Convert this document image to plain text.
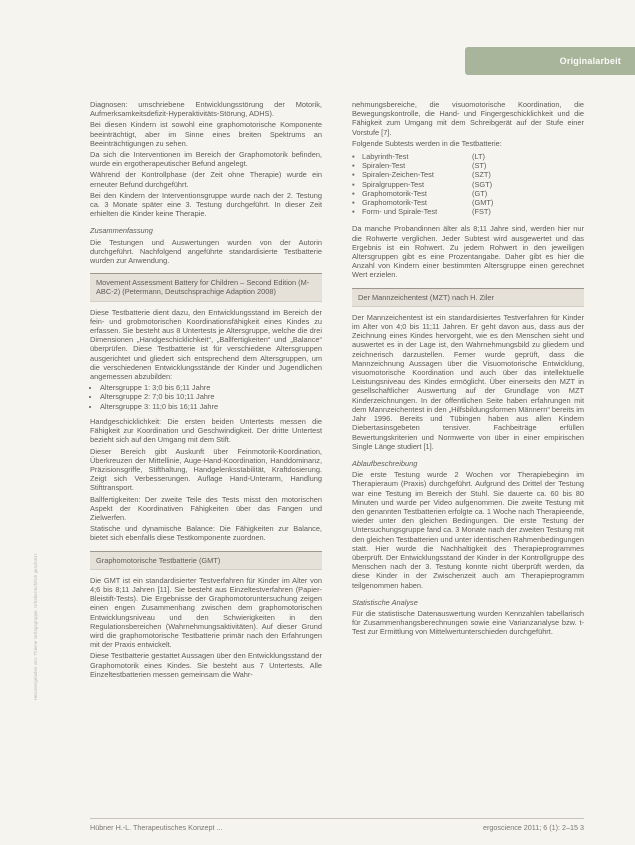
Originalarbeit
Heruntergeladen von: Thieme Verlagsgruppe. Urheberrechtlich geschützt.

Diagnosen: umschriebene Entwicklungsstörung der Motorik, Aufmerksamkeitsdefizit-Hyperaktivitäts-Störung, ADHS).

Bei diesen Kindern ist sowohl eine graphomotorische Komponente beeinträchtigt, aber im Sinne eines breiten Spektrums an Beeinträchtigungen zu sehen.

Da sich die Interventionen im Bereich der Graphomotorik befinden, wurde ein ergotherapeutischer Befund angelegt.

Während der Kontrollphase (der Zeit ohne Therapie) wurde ein erneuter Befund durchgeführt.

Bei den Kindern der Interventionsgruppe wurde nach der 2. Testung ca. 3 Monate später eine 3. Testung durchgeführt. In dieser Zeit erhielten die Kinder keine Therapie.

Zusammenfassung

Die Testungen und Auswertungen wurden von der Autorin durchgeführt. Nachfolgend angeführte standardisierte Testbatterie wurden zur Anwendung.

Movement Assessment Battery for Children – Second Edition (M-ABC-2) (Petermann, Deutschsprachige Adaption 2008)

Diese Testbatterie dient dazu, den Entwicklungsstand im Bereich der fein- und grobmotorischen Koordinationsfähigkeit eines Kindes zu erfassen. Sie besteht aus 8 Untertests je Altersgruppe, welche die drei Dimensionen „Handgeschicklichkeit“, „Ballfertigkeiten“ und „Balance“ überprüfen. Diese Testbatterie ist für verschiedene Altersgruppen ausgerichtet und gliedert sich entsprechend dem Altersgruppen, um die verschiedenen Entwicklungsstände der Kinder und Jugendlichen angemessen abzubilden:

• Altersgruppe 1: 3;0 bis 6;11 Jahre
• Altersgruppe 2: 7;0 bis 10;11 Jahre
• Altersgruppe 3: 11;0 bis 16;11 Jahre

Handgeschicklichkeit: Die ersten beiden Untertests messen die Fähigkeit zur Koordination und Geschwindigkeit. Der dritte Untertest bezieht sich auf den Umgang mit dem Stift.

Dieser Bereich gibt Auskunft über Feinmotorik-Koordination, Überkreuzen der Mittellinie, Auge-Hand-Koordination, Handdominanz, Präzisionsgriffe, Stifthaltung, Handgelenksstabilität, Kraftdosierung. Zeigt sich Verbesserungen. Auflage Hand-Unterarm, Handlung Stifttransport.

Ballfertigkeiten: Der zweite Teile des Tests misst den motorischen Aspekt der Koordinativen Fähigkeiten über das Fangen und Zielwerfen.

Statische und dynamische Balance: Die Fähigkeiten zur Balance, bietet sich ebenfalls diese Testkomponente zuordnen.

Graphomotorische Testbatterie (GMT)

Die GMT ist ein standardisierter Testverfahren für Kinder im Alter von 4;6 bis 8;11 Jahren [11]. Sie besteht aus Einzeltestverfahren (Papier-Bleistift-Tests). Die Ergebnisse der Graphomotoruntersuchung zeigen einen engen Zusammenhang zwischen dem graphomotorischen Entwicklungsniveau und den Schwierigkeiten in den Regulationsbereichen (Wahrnehmungsaktivitäten). Auf dieser Grund wird die graphomotorische Testbatterie primär nach den Erfahrungen mit der Praxis entwickelt.

Diese Testbatterie gestattet Aussagen über den Entwicklungsstand der Graphomotorik eines Kindes. Sie besteht aus 7 Untertests. Alle Einzeltestbatterien messen gemeinsam die Wahr-

nehmungsbereiche, die visuomotorische Koordination, die Bewegungskontrolle, die Hand- und Fingergeschicklichkeit und die Fähigkeit zum Umgang mit dem Schreibgerät auf der Stufe einer Vorstufe [7].

Folgende Subtests werden in die Testbatterie:

▪ Labyrinth-Test	(LT)
▪ Spiralen-Test	(ST)
▪ Spiralen-Zeichen-Test	(SZT)
▪ Spiralgruppen-Test	(SGT)
▪ Graphomotorik-Test	(GT)
▪ Graphomotorik-Test	(GMT)
▪ Form- und Spirale-Test	(FST)

Da manche Probandinnen älter als 8;11 Jahre sind, werden hier nur die Rohwerte verglichen. Jeder Subtest wird ausgewertet und das Ergebnis ist ein Rohwert. Zu jedem Rohwert in den jeweiligen Altersgruppen gibt es eine Prozentangabe. Daher gibt es hier die Anzahl von Kindern einer bestimmten Altersgruppe einen gerechnet Wert erzielen.

Der Mannzeichentest (MZT) nach H. Ziler

Der Mannzeichentest ist ein standardisiertes Testverfahren für Kinder im Alter von 4;0 bis 11;11 Jahren. Er geht davon aus, dass aus der Zeichnung eines Kindes hervorgeht, wie es den Menschen sieht und auswertet es in der Lage ist, den Wahrnehmungsbild zu gliedern und zeichnerisch darzustellen. Ferner wurde geprüft, dass die Mannzeichnung Aussagen über die Visuomotorische Entwicklung, visuomotorische Koordination und auch über das intellektuelle Leistungsniveau des Kindes ermöglicht. Über einerseits den MZT in gesellschaftlicher Auswertung auf der Grundlage von MZT Kinderzeichnungen. In der öffentlichen Seite haben erfahrungen mit dem Mannzeichentest in den „Hilfsbildungsformen Männern“ bereits im Jahr 1996. Bereits und Tübingen haben aus allen Kindern Diebertasinsgebeten tensiver. Fachbeiträge erfüllen Bewertungskriterien und Normwerte von über in einer empirischen Single Länge studiert [1].

Ablaufbeschreibung

Die erste Testung wurde 2 Wochen vor Therapiebeginn im Therapieraum (Praxis) durchgeführt. Aufgrund des Drittel der Testung war eine Testung im Bereich der Stuhl. Sie dauerte ca. 60 bis 80 Minuten und wurde per Video aufgenommen. Die zweite Testung mit den genannten Testbatterien erfolgte ca. 1 Woche nach Therapieende, wieder unter den gleichen Bedingungen. Die erste Testung der Untersuchungsgruppe fand ca. 3 Monate nach der zweiten Testung mit den gleichen Testbatterien und unter identischen Rahmenbedingungen statt. Hier wurde die Nachhaltigkeit des Therapieprogrammes überprüft. Der Entwicklungsstand der Kinder in der Kontrollgruppe des Menschen nach der 3. Testung konnte nicht überprüft werden, da diese Kinder in der Zwischenzeit auch am Therapieprogramm teilgenommen haben.

Statistische Analyse

Für die statistische Datenauswertung wurden Kennzahlen tabellarisch für Zusammenhangsberechnungen sowie eine Varianzanalyse bzw. t-Test zur Ermittlung von Mittelwertunterschieden durchgeführt.

Hübner H.-L. Therapeutisches Konzept ...	ergoscience 2011; 6 (1): 2–15 3
